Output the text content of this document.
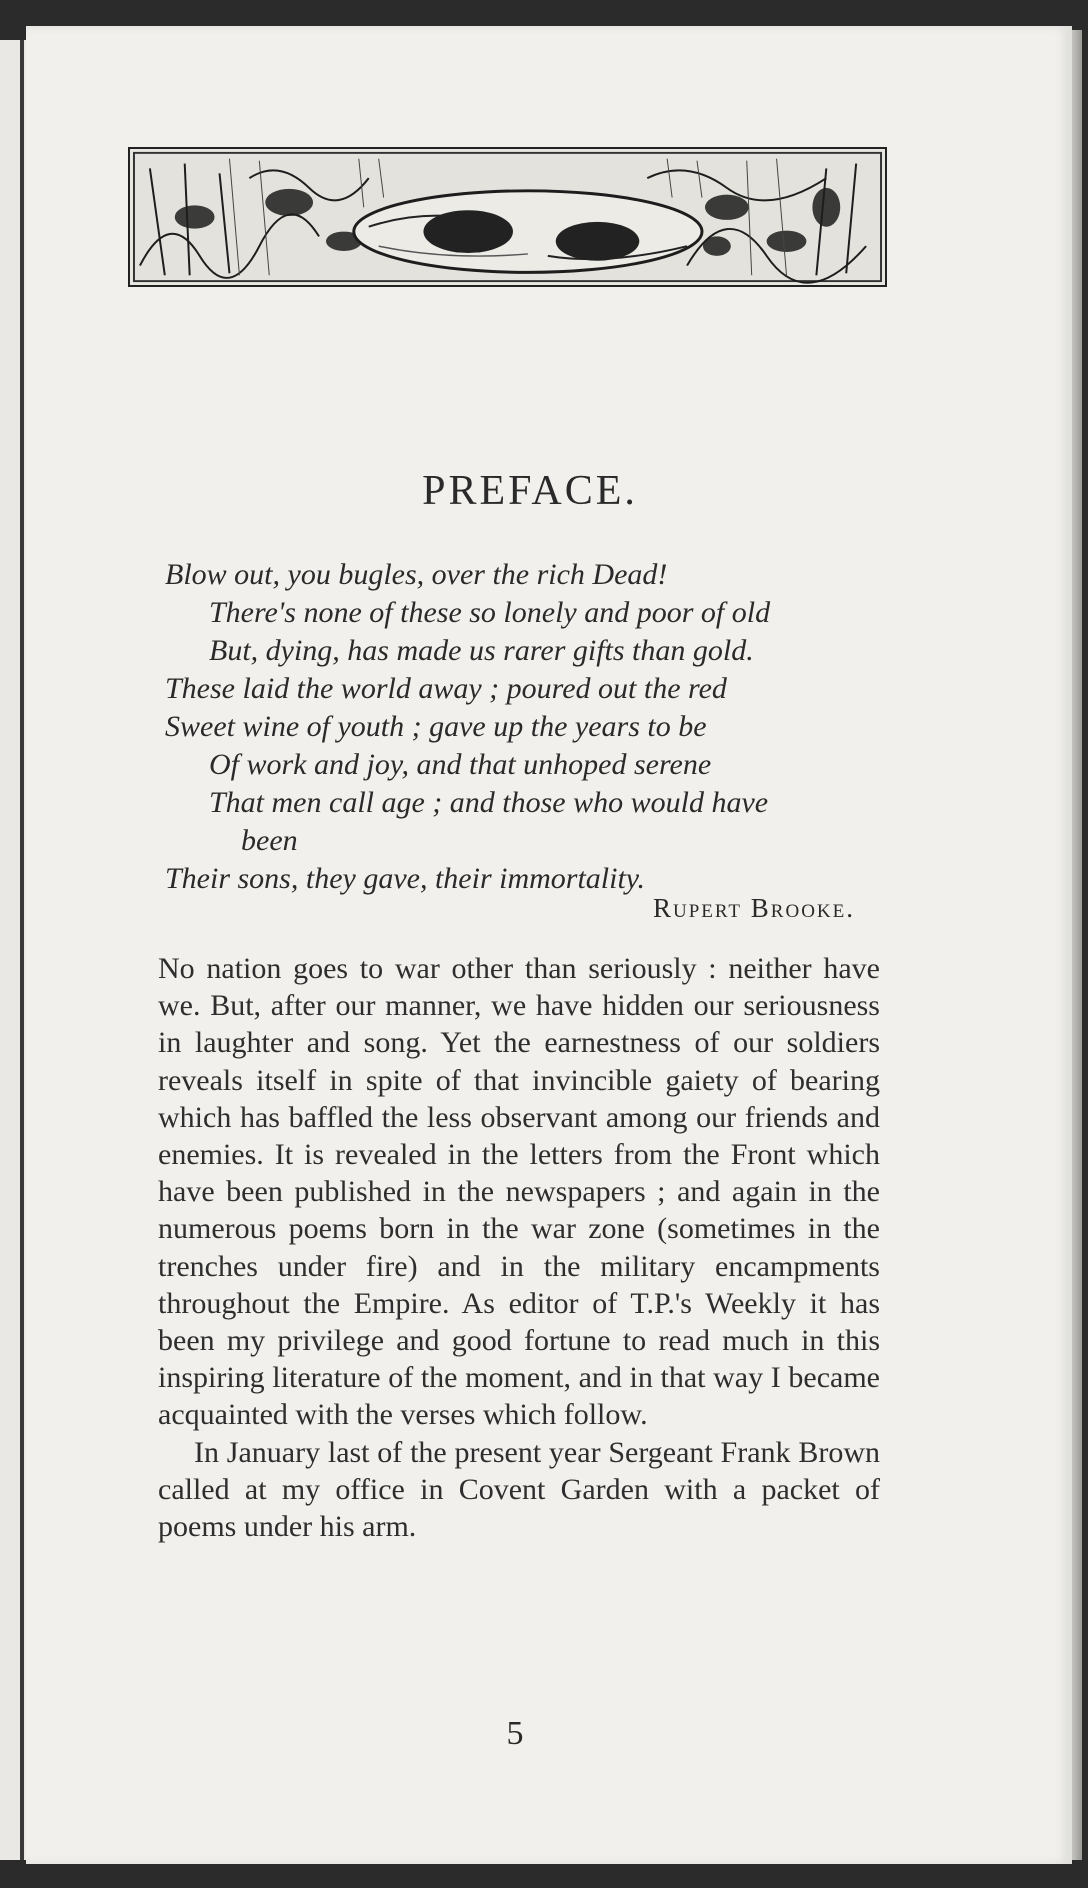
PREFACE.
Blow out, you bugles, over the rich Dead!
There's none of these so lonely and poor of old
But, dying, has made us rarer gifts than gold.
These laid the world away ; poured out the red
Sweet wine of youth ; gave up the years to be
Of work and joy, and that unhoped serene
That men call age ; and those who would have
been
Their sons, they gave, their immortality.
Rupert Brooke.

No nation goes to war other than seriously : neither have we. But, after our manner, we have hidden our seriousness in laughter and song. Yet the earnestness of our soldiers reveals itself in spite of that invincible gaiety of bearing which has baffled the less observant among our friends and enemies. It is revealed in the letters from the Front which have been published in the newspapers ; and again in the numerous poems born in the war zone (sometimes in the trenches under fire) and in the military encampments throughout the Empire. As editor of T.P.'s Weekly it has been my privilege and good fortune to read much in this inspiring literature of the moment, and in that way I became acquainted with the verses which follow.

In January last of the present year Sergeant Frank Brown called at my office in Covent Garden with a packet of poems under his arm.

5
